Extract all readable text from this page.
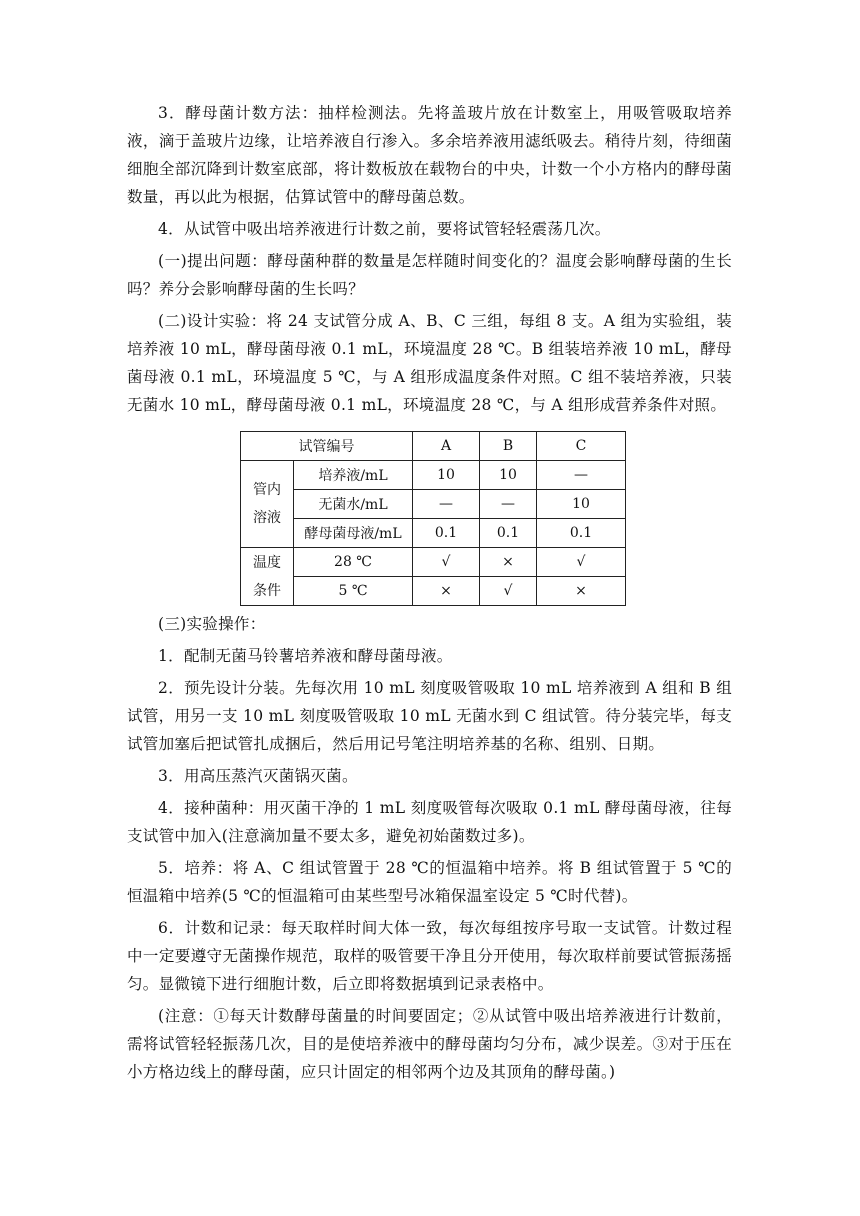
3．酵母菌计数方法：抽样检测法。先将盖玻片放在计数室上，用吸管吸取培养液，滴于盖玻片边缘，让培养液自行渗入。多余培养液用滤纸吸去。稍待片刻，待细菌细胞全部沉降到计数室底部，将计数板放在载物台的中央，计数一个小方格内的酵母菌数量，再以此为根据，估算试管中的酵母菌总数。

4．从试管中吸出培养液进行计数之前，要将试管轻轻震荡几次。

(一)提出问题：酵母菌种群的数量是怎样随时间变化的？温度会影响酵母菌的生长吗？养分会影响酵母菌的生长吗？

(二)设计实验：将 24 支试管分成 A、B、C 三组，每组 8 支。A 组为实验组，装培养液 10 mL，酵母菌母液 0.1 mL，环境温度 28 ℃。B 组装培养液 10 mL，酵母菌母液 0.1 mL，环境温度 5 ℃，与 A 组形成温度条件对照。C 组不装培养液，只装无菌水 10 mL，酵母菌母液 0.1 mL，环境温度 28 ℃，与 A 组形成营养条件对照。

试管编号		A	B	C
管内
溶液	培养液/mL	10	10	—
	无菌水/mL	—	—	10
	酵母菌母液/mL	0.1	0.1	0.1
温度
条件	28 ℃	√	×	√
	5 ℃	×	√	×

(三)实验操作：

1．配制无菌马铃薯培养液和酵母菌母液。

2．预先设计分装。先每次用 10 mL 刻度吸管吸取 10 mL 培养液到 A 组和 B 组试管，用另一支 10 mL 刻度吸管吸取 10 mL 无菌水到 C 组试管。待分装完毕，每支试管加塞后把试管扎成捆后，然后用记号笔注明培养基的名称、组别、日期。

3．用高压蒸汽灭菌锅灭菌。

4．接种菌种：用灭菌干净的 1 mL 刻度吸管每次吸取 0.1 mL 酵母菌母液，往每支试管中加入(注意滴加量不要太多，避免初始菌数过多)。

5．培养：将 A、C 组试管置于 28 ℃的恒温箱中培养。将 B 组试管置于 5 ℃的恒温箱中培养(5 ℃的恒温箱可由某些型号冰箱保温室设定 5 ℃时代替)。

6．计数和记录：每天取样时间大体一致，每次每组按序号取一支试管。计数过程中一定要遵守无菌操作规范，取样的吸管要干净且分开使用，每次取样前要试管振荡摇匀。显微镜下进行细胞计数，后立即将数据填到记录表格中。

(注意：①每天计数酵母菌量的时间要固定；②从试管中吸出培养液进行计数前，需将试管轻轻振荡几次，目的是使培养液中的酵母菌均匀分布，减少误差。③对于压在小方格边线上的酵母菌，应只计固定的相邻两个边及其顶角的酵母菌。)
